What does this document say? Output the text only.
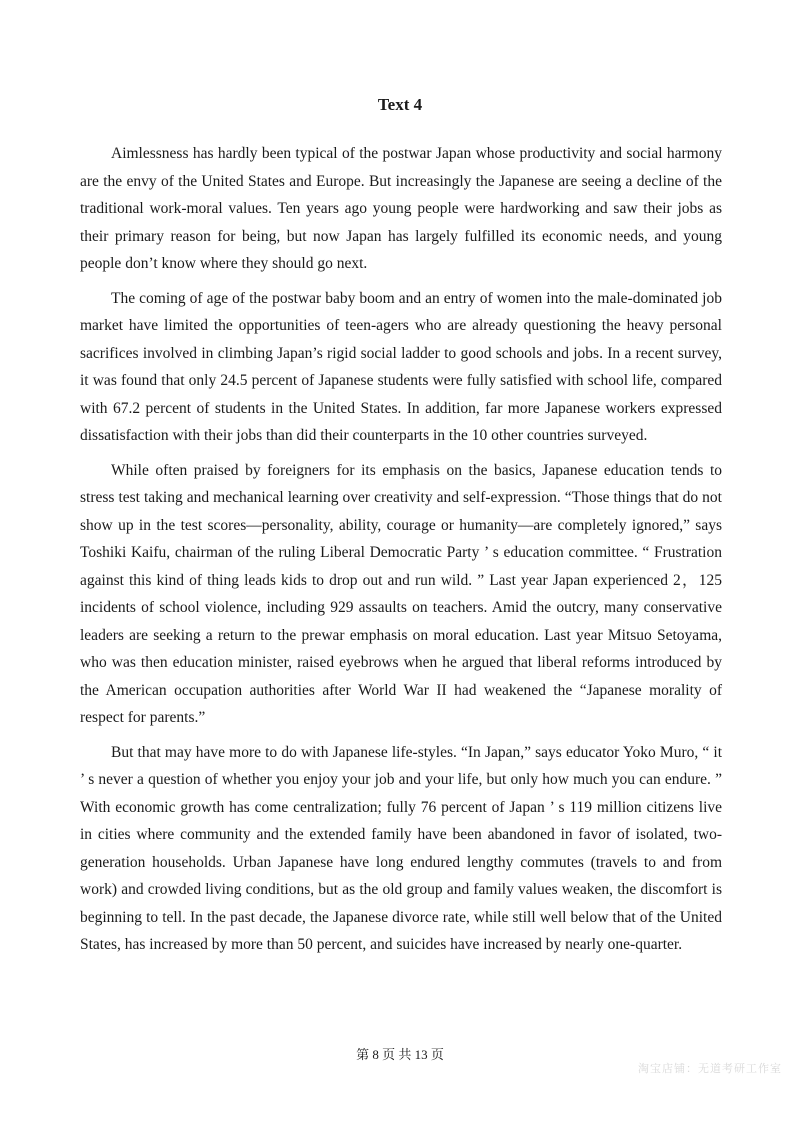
Text 4

Aimlessness has hardly been typical of the postwar Japan whose productivity and social harmony are the envy of the United States and Europe. But increasingly the Japanese are seeing a decline of the traditional work-moral values. Ten years ago young people were hardworking and saw their jobs as their primary reason for being, but now Japan has largely fulfilled its economic needs, and young people don’t know where they should go next.

The coming of age of the postwar baby boom and an entry of women into the male-dominated job market have limited the opportunities of teen-agers who are already questioning the heavy personal sacrifices involved in climbing Japan’s rigid social ladder to good schools and jobs. In a recent survey, it was found that only 24.5 percent of Japanese students were fully satisfied with school life, compared with 67.2 percent of students in the United States. In addition, far more Japanese workers expressed dissatisfaction with their jobs than did their counterparts in the 10 other countries surveyed.

While often praised by foreigners for its emphasis on the basics, Japanese education tends to stress test taking and mechanical learning over creativity and self-expression. “Those things that do not show up in the test scores—personality, ability, courage or humanity—are completely ignored,” says Toshiki Kaifu, chairman of the ruling Liberal Democratic Party ’ s education committee. “ Frustration against this kind of thing leads kids to drop out and run wild. ” Last year Japan experienced 2，125 incidents of school violence, including 929 assaults on teachers. Amid the outcry, many conservative leaders are seeking a return to the prewar emphasis on moral education. Last year Mitsuo Setoyama, who was then education minister, raised eyebrows when he argued that liberal reforms introduced by the American occupation authorities after World War II had weakened the “Japanese morality of respect for parents.”

But that may have more to do with Japanese life-styles. “In Japan,” says educator Yoko Muro, “ it ’ s never a question of whether you enjoy your job and your life, but only how much you can endure. ” With economic growth has come centralization; fully 76 percent of Japan ’ s 119 million citizens live in cities where community and the extended family have been abandoned in favor of isolated, two-generation households. Urban Japanese have long endured lengthy commutes (travels to and from work) and crowded living conditions, but as the old group and family values weaken, the discomfort is beginning to tell. In the past decade, the Japanese divorce rate, while still well below that of the United States, has increased by more than 50 percent, and suicides have increased by nearly one-quarter.

第 8 页 共 13 页
淘宝店铺：无道考研工作室
